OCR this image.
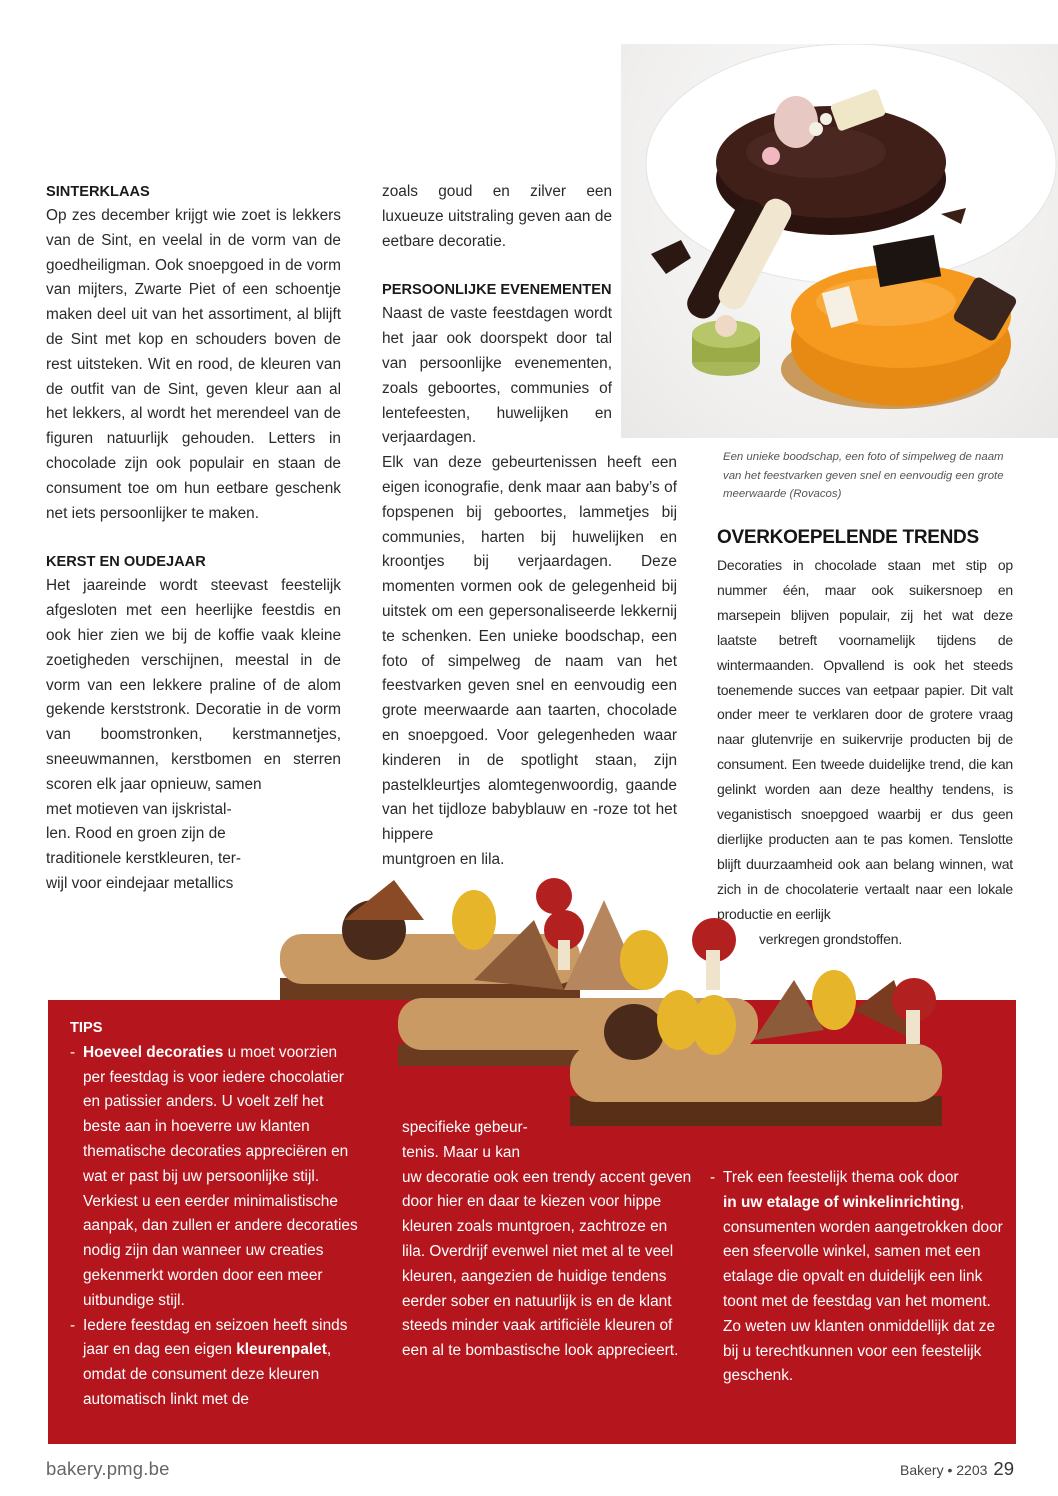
SINTERKLAAS

Op zes december krijgt wie zoet is lekkers van de Sint, en veelal in de vorm van de goedheiligman. Ook snoepgoed in de vorm van mijters, Zwarte Piet of een schoentje maken deel uit van het assortiment, al blijft de Sint met kop en schouders boven de rest uitsteken. Wit en rood, de kleuren van de outfit van de Sint, geven kleur aan al het lekkers, al wordt het merendeel van de figuren natuurlijk gehouden. Letters in chocolade zijn ook populair en staan de consument toe om hun eetbare geschenk net iets persoonlijker te maken.

KERST EN OUDEJAAR

Het jaareinde wordt steevast feestelijk afgesloten met een heerlijke feestdis en ook hier zien we bij de koffie vaak kleine zoetigheden verschijnen, meestal in de vorm van een lekkere praline of de alom gekende kerststronk. Decoratie in de vorm van boomstronken, kerstmannetjes, sneeuwmannen, kerstbomen en sterren scoren elk jaar opnieuw, samen

met motieven van ijskristal-

len. Rood en groen zijn de

traditionele kerstkleuren, ter-

wijl voor eindejaar metallics

zoals goud en zilver een luxueuze uitstraling geven aan de eetbare decoratie.

PERSOONLIJKE EVENEMENTEN

Naast de vaste feestdagen wordt het jaar ook doorspekt door tal van persoonlijke evenementen, zoals geboortes, communies of lentefeesten, huwelijken en verjaardagen.

Elk van deze gebeurtenissen heeft een eigen iconografie, denk maar aan baby’s of fopspenen bij geboortes, lammetjes bij communies, harten bij huwelijken en kroontjes bij verjaardagen. Deze momenten vormen ook de gelegenheid bij uitstek om een gepersonaliseerde lekkernij te schenken. Een unieke boodschap, een foto of simpelweg de naam van het feestvarken geven snel en eenvoudig een grote meerwaarde aan taarten, chocolade en snoepgoed. Voor gelegenheden waar kinderen in de spotlight staan, zijn pastelkleurtjes alomtegenwoordig, gaande van het tijdloze babyblauw en -roze tot het hippere

muntgroen en lila.

Een unieke boodschap, een foto of simpelweg de naam van het feestvarken geven snel en eenvoudig een grote meerwaarde (Rovacos)

OVERKOEPELENDE TRENDS

Decoraties in chocolade staan met stip op nummer één, maar ook suikersnoep en marsepein blijven populair, zij het wat deze laatste betreft voornamelijk tijdens de wintermaanden. Opvallend is ook het steeds toenemende succes van eetpaar papier. Dit valt onder meer te verklaren door de grotere vraag naar glutenvrije en suikervrije producten bij de consument. Een tweede duidelijke trend, die kan gelinkt worden aan deze healthy tendens, is veganistisch snoepgoed waarbij er dus geen dierlijke producten aan te pas komen. Tenslotte blijft duurzaamheid ook aan belang winnen, wat zich in de chocolaterie vertaalt naar een lokale productie en eerlijk

verkregen grondstoffen.

TIPS

- Hoeveel decoraties u moet voorzien per feestdag is voor iedere chocolatier en patissier anders. U voelt zelf het beste aan in hoeverre uw klanten thematische decoraties appreciëren en wat er past bij uw persoonlijke stijl. Verkiest u een eerder minimalistische aanpak, dan zullen er andere decoraties nodig zijn dan wanneer uw creaties gekenmerkt worden door een meer uitbundige stijl.

- Iedere feestdag en seizoen heeft sinds jaar en dag een eigen kleurenpalet, omdat de consument deze kleuren automatisch linkt met de

specifieke gebeur-

tenis. Maar u kan

uw decoratie ook een trendy accent geven door hier en daar te kiezen voor hippe kleuren zoals muntgroen, zachtroze en lila. Overdrijf evenwel niet met al te veel kleuren, aangezien de huidige tendens eerder sober en natuurlijk is en de klant steeds minder vaak artificiële kleuren of een al te bombastische look apprecieert.

- Trek een feestelijk thema ook door
in uw etalage of winkelinrichting, consumenten worden aangetrokken door een sfeervolle winkel, samen met een etalage die opvalt en duidelijk een link toont met de feestdag van het moment.

Zo weten uw klanten onmiddellijk dat ze bij u terechtkunnen voor een feestelijk geschenk.

bakery.pmg.be	Bakery • 2203 29
